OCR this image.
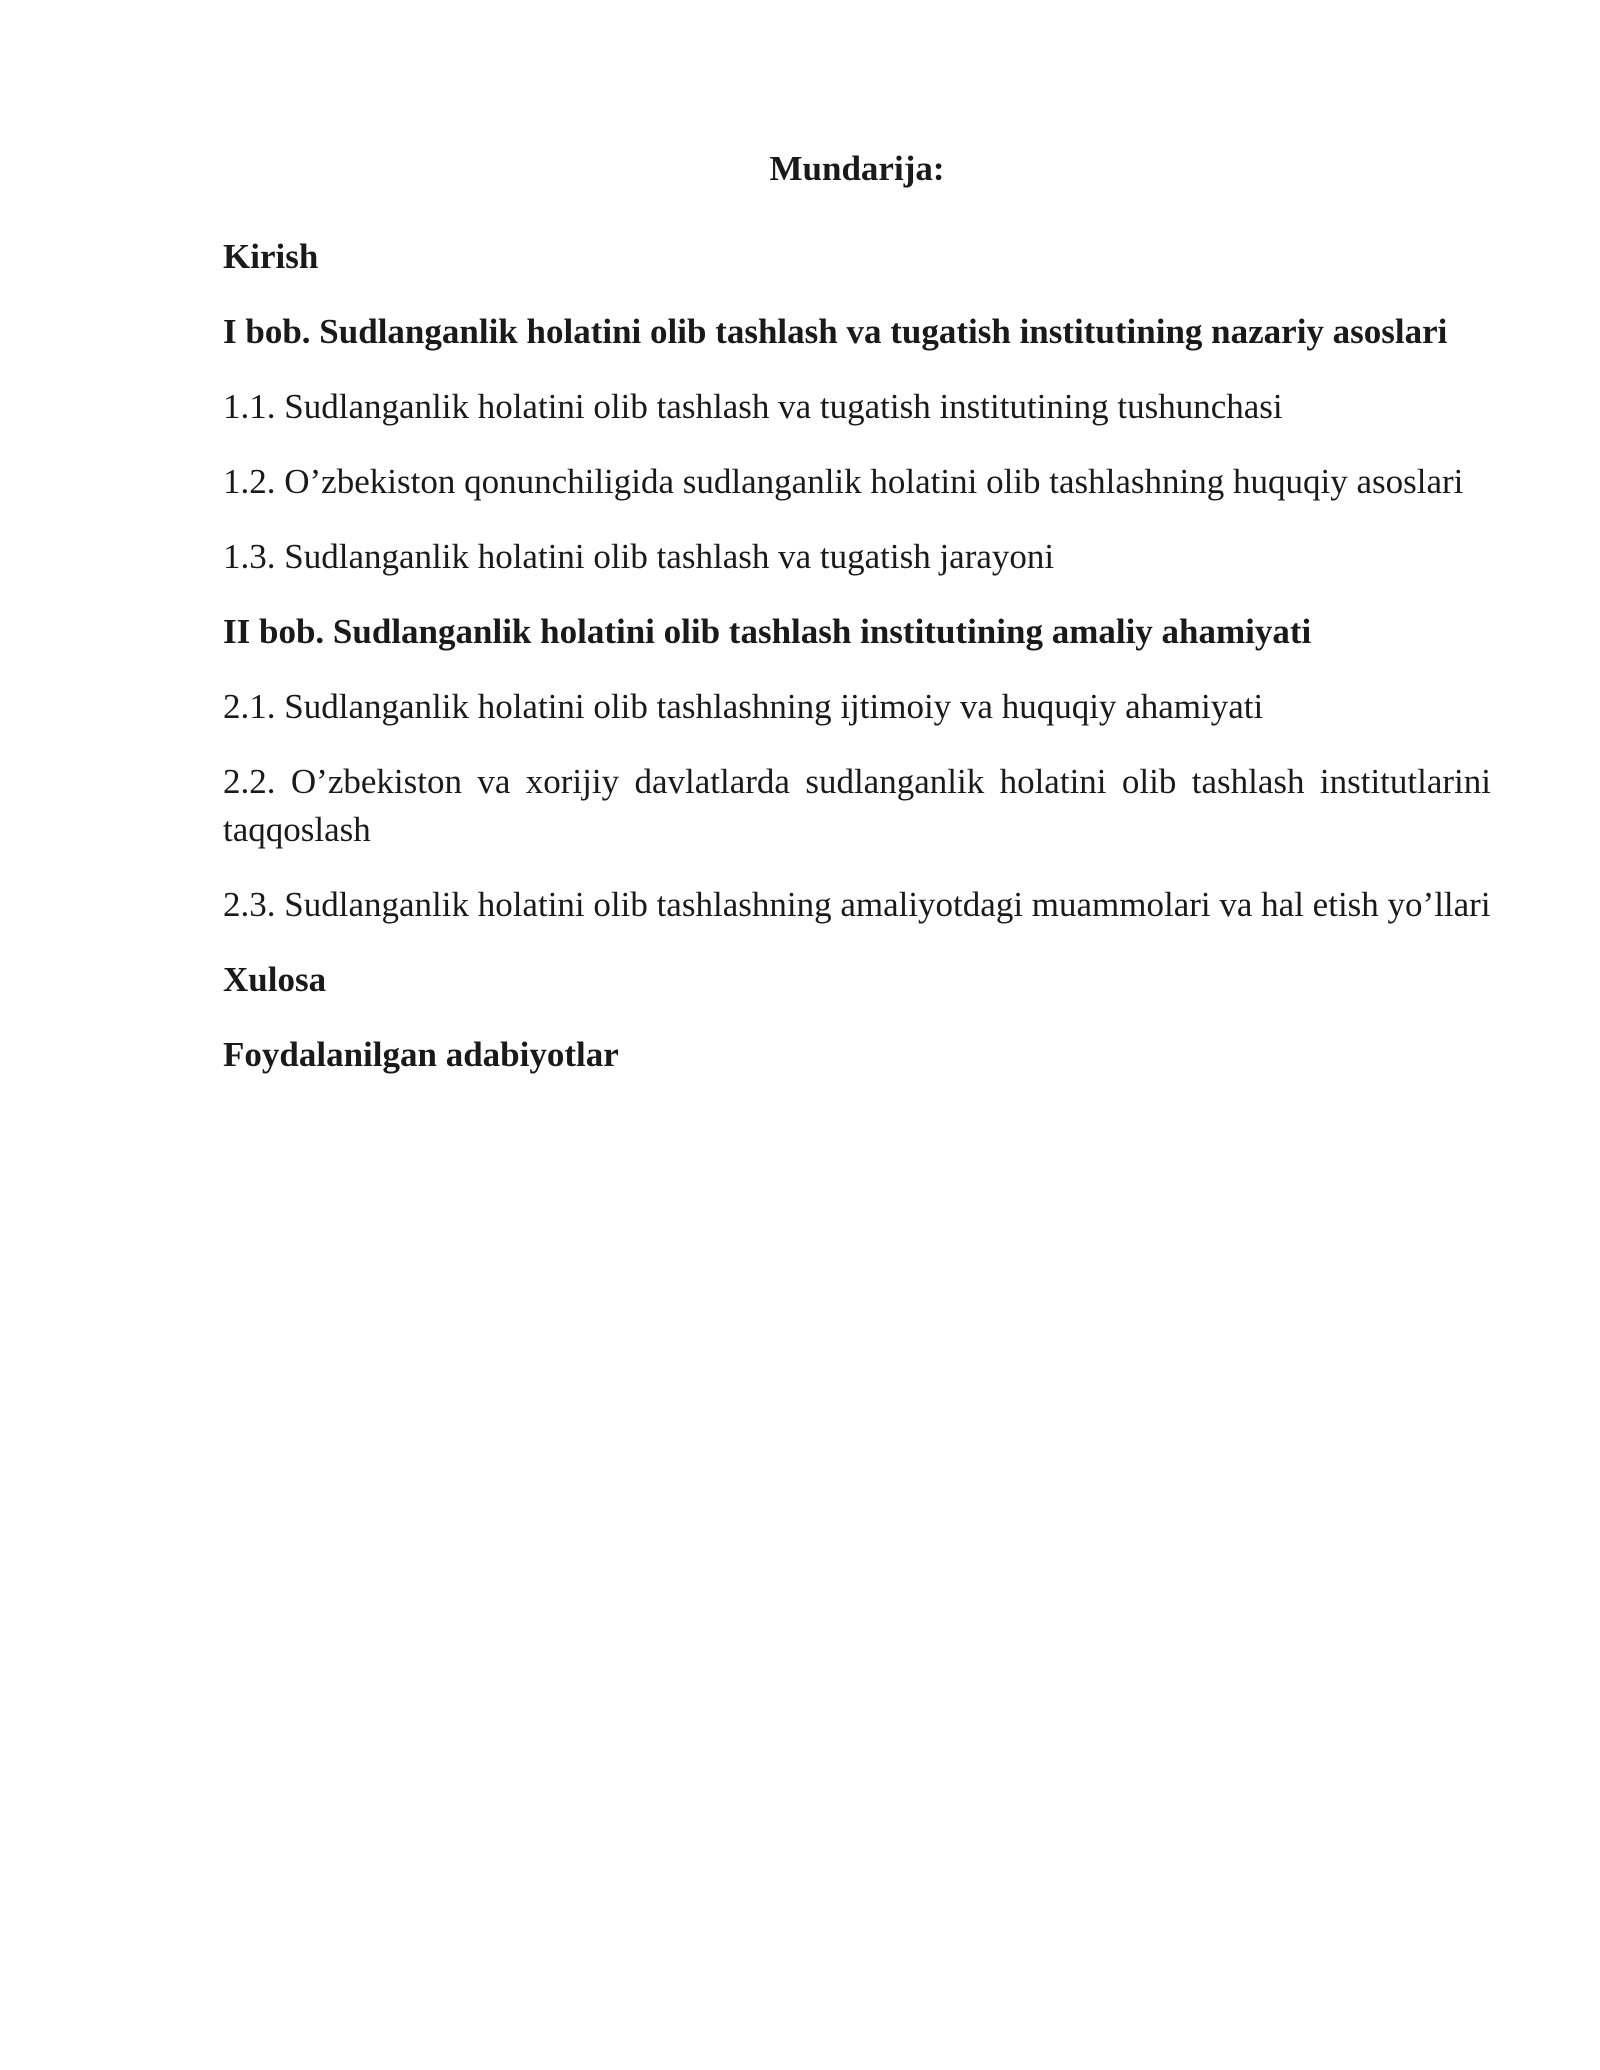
Mundarija:
Kirish
I bob. Sudlanganlik holatini olib tashlash va tugatish institutining nazariy asoslari
1.1. Sudlanganlik holatini olib tashlash va tugatish institutining tushunchasi
1.2. O’zbekiston qonunchiligida sudlanganlik holatini olib tashlashning huquqiy asoslari
1.3. Sudlanganlik holatini olib tashlash va tugatish jarayoni
II bob. Sudlanganlik holatini olib tashlash institutining amaliy ahamiyati
2.1. Sudlanganlik holatini olib tashlashning ijtimoiy va huquqiy ahamiyati
2.2. O’zbekiston va xorijiy davlatlarda sudlanganlik holatini olib tashlash institutlarini taqqoslash
2.3. Sudlanganlik holatini olib tashlashning amaliyotdagi muammolari va hal etish yo’llari
Xulosa
Foydalanilgan adabiyotlar
